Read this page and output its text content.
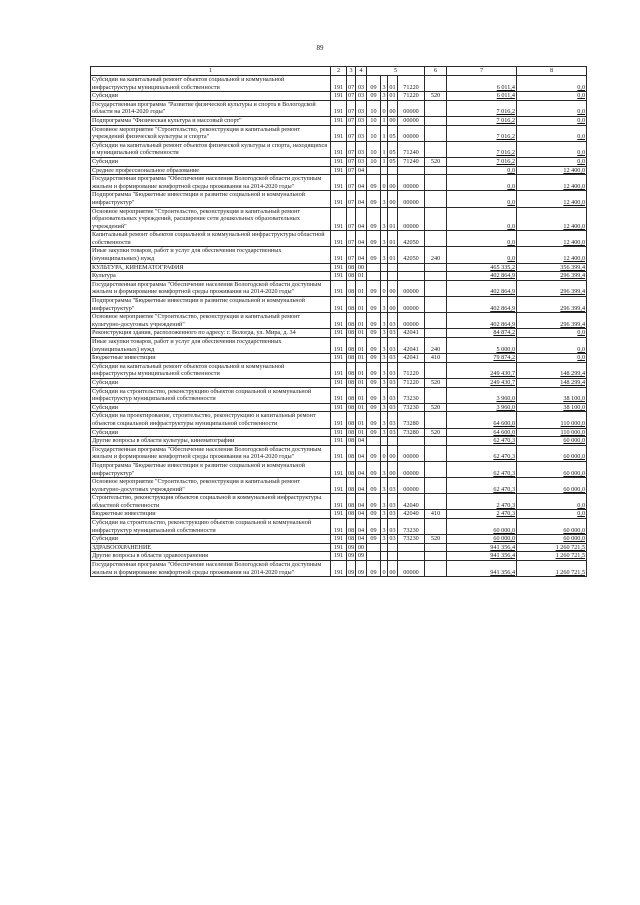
89
1	2	3	4	5				6	7	8
Субсидии на капитальный ремонт объектов социальной и коммунальной инфраструктуры муниципальной собственности	191	07	03	09	3	01	71220		6 011,4	0,0
Субсидии	191	07	03	09	3	01	71220	520	6 011,4	0,0
Государственная программа "Развитие физической культуры и спорта в Вологодской области на 2014-2020 годы"	191	07	03	10	0	00	00000		7 016,2	0,0
Подпрограмма "Физическая культура и массовый спорт"	191	07	03	10	1	00	00000		7 016,2	0,0
Основное мероприятие "Строительство, реконструкция и капитальный ремонт учреждений физической культуры и спорта"	191	07	03	10	1	05	00000		7 016,2	0,0
Субсидии на капитальный ремонт объектов физической культуры и спорта, находящихся в муниципальной собственности	191	07	03	10	1	05	71240		7 016,2	0,0
Субсидии	191	07	03	10	1	05	71240	520	7 016,2	0,0
Среднее профессиональное образование	191	07	04						0,0	12 400,0
Государственная программа "Обеспечение населения Вологодской области доступным жильем и формирование комфортной среды проживания на 2014-2020 годы"	191	07	04	09	0	00	00000		0,0	12 400,0
Подпрограмма "Бюджетные инвестиции в развитие социальной и коммунальной инфраструктур"	191	07	04	09	3	00	00000		0,0	12 400,0
Основное мероприятие "Строительство, реконструкция и капитальный ремонт образовательных учреждений, расширение сети дошкольных образовательных учреждений"	191	07	04	09	3	01	00000		0,0	12 400,0
Капитальный ремонт объектов социальной и коммунальной инфраструктуры областной собственности	191	07	04	09	3	01	42050		0,0	12 400,0
Иные закупки товаров, работ и услуг для обеспечения государственных (муниципальных) нужд	191	07	04	09	3	01	42050	240	0,0	12 400,0
КУЛЬТУРА, КИНЕМАТОГРАФИЯ	191	08	00						465 335,2	356 399,4
Культура	191	08	01						402 864,9	296 399,4
Государственная программа "Обеспечение населения Вологодской области доступным жильем и формирование комфортной среды проживания на 2014-2020 годы"	191	08	01	09	0	00	00000		402 864,9	296 399,4
Подпрограмма "Бюджетные инвестиции в развитие социальной и коммунальной инфраструктур"	191	08	01	09	3	00	00000		402 864,9	296 399,4
Основное мероприятие "Строительство, реконструкция и капитальный ремонт культурно-досуговых учреждений"	191	08	01	09	3	03	00000		402 864,9	296 399,4
Реконструкция здания, расположенного по адресу: г. Вологда, ул. Мира, д. 34	191	08	01	09	3	03	42041		84 874,2	0,0
Иные закупки товаров, работ и услуг для обеспечения государственных (муниципальных) нужд	191	08	01	09	3	03	42041	240	5 000,0	0,0
Бюджетные инвестиции	191	08	01	09	3	03	42041	410	79 874,2	0,0
Субсидии на капитальный ремонт объектов социальной и коммунальной инфраструктуры муниципальной собственности	191	08	01	09	3	03	71220		249 430,7	148 299,4
Субсидии	191	08	01	09	3	03	71220	520	249 430,7	148 299,4
Субсидии на строительство, реконструкцию объектов социальной и коммунальной инфраструктур муниципальной собственности	191	08	01	09	3	03	73230		3 960,0	38 100,0
Субсидии	191	08	01	09	3	03	73230	520	3 960,0	38 100,0
Субсидии на проектирование, строительство, реконструкцию и капитальный ремонт объектов социальной инфраструктуры муниципальной собственности	191	08	01	09	3	03	73280		64 600,0	110 000,0
Субсидии	191	08	01	09	3	03	73280	520	64 600,0	110 000,0
Другие вопросы в области культуры, кинематографии	191	08	04						62 470,3	60 000,0
Государственная программа "Обеспечение населения Вологодской области доступным жильем и формирование комфортной среды проживания на 2014-2020 годы"	191	08	04	09	0	00	00000		62 470,3	60 000,0
Подпрограмма "Бюджетные инвестиции в развитие социальной и коммунальной инфраструктур"	191	08	04	09	3	00	00000		62 470,3	60 000,0
Основное мероприятие "Строительство, реконструкция и капитальный ремонт культурно-досуговых учреждений"	191	08	04	09	3	03	00000		62 470,3	60 000,0
Строительство, реконструкция объектов социальной и коммунальной инфраструктуры областной собственности	191	08	04	09	3	03	42040		2 470,3	0,0
Бюджетные инвестиции	191	08	04	09	3	03	42040	410	2 470,3	0,0
Субсидии на строительство, реконструкцию объектов социальной и коммунальной инфраструктур муниципальной собственности	191	08	04	09	3	03	73230		60 000,0	60 000,0
Субсидии	191	08	04	09	3	03	73230	520	60 000,0	60 000,0
ЗДРАВООХРАНЕНИЕ	191	09	00						941 356,4	1 260 721,5
Другие вопросы в области здравоохранения	191	09	09						941 356,4	1 260 721,5
Государственная программа "Обеспечение населения Вологодской области доступным жильем и формирование комфортной среды проживания на 2014-2020 годы"	191	09	09	09	0	00	00000		941 356,4	1 260 721,5
